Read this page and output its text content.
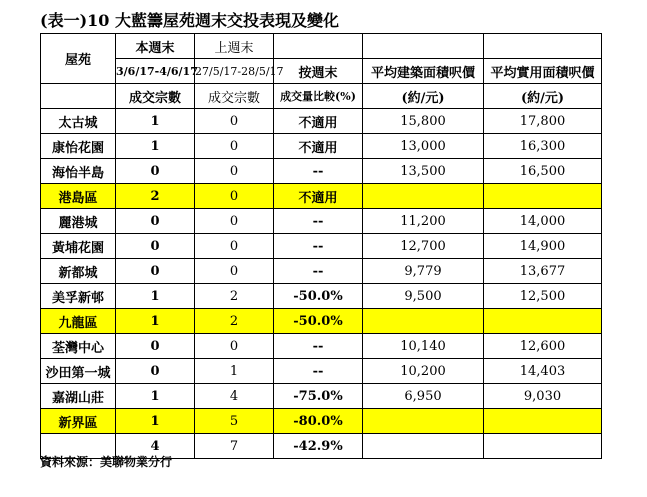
(表一)10 大藍籌屋苑週末交投表現及變化
屋苑	本週末	上週末			
	3/6/17-4/6/17	27/5/17-28/5/17	按週末	平均建築面積呎價	平均實用面積呎價
	成交宗數	成交宗數	成交量比較(%)	(約/元)	(約/元)
太古城	1	0	不適用	15,800	17,800
康怡花園	1	0	不適用	13,000	16,300
海怡半島	0	0	--	13,500	16,500
港島區	2	0	不適用		
麗港城	0	0	--	11,200	14,000
黃埔花園	0	0	--	12,700	14,900
新都城	0	0	--	9,779	13,677
美孚新邨	1	2	-50.0%	9,500	12,500
九龍區	1	2	-50.0%		
荃灣中心	0	0	--	10,140	12,600
沙田第一城	0	1	--	10,200	14,403
嘉湖山莊	1	4	-75.0%	6,950	9,030
新界區	1	5	-80.0%		
	4	7	-42.9%		
資料來源：美聯物業分行
